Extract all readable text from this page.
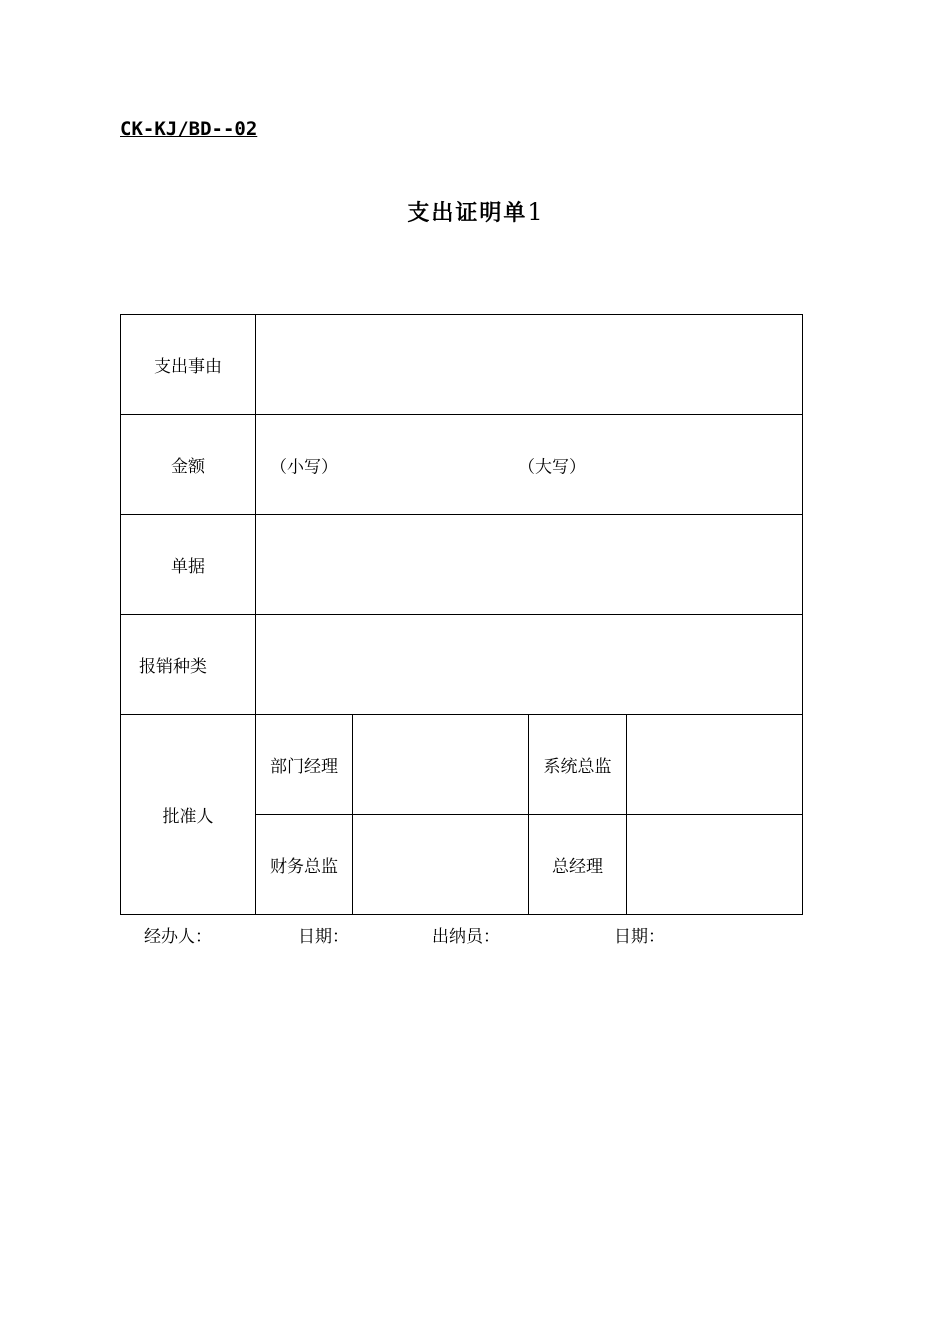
CK-KJ/BD--02
支出证明单1
支出事由				
金额	（小写） （大写）			

单据				
报销种类				
批准人	部门经理		系统总监	
	财务总监		总经理	
经办人：	日期：	出纳员：	日期：
